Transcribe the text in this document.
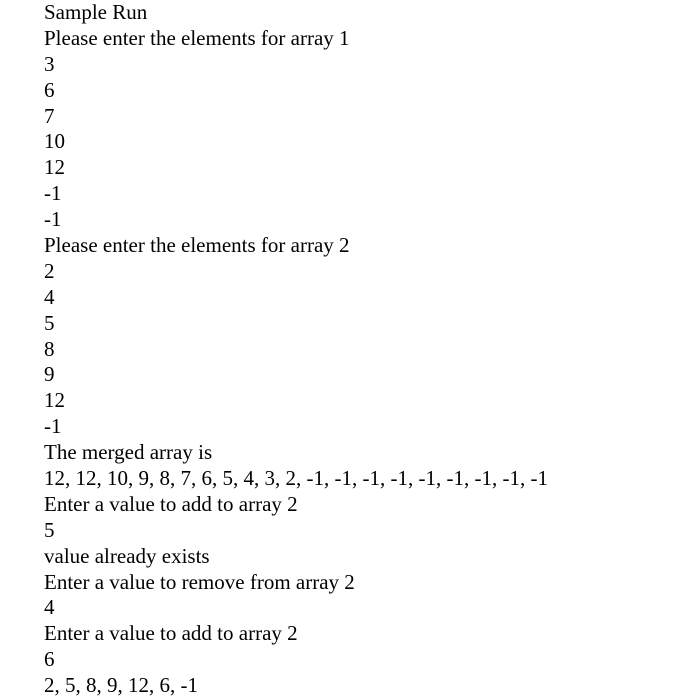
Sample Run
Please enter the elements for array 1
3
6
7
10
12
-1
-1
Please enter the elements for array 2
2
4
5
8
9
12
-1
The merged array is
12, 12, 10, 9, 8, 7, 6, 5, 4, 3, 2, -1, -1, -1, -1, -1, -1, -1, -1, -1
Enter a value to add to array 2
5
value already exists
Enter a value to remove from array 2
4
Enter a value to add to array 2
6
2, 5, 8, 9, 12, 6, -1
